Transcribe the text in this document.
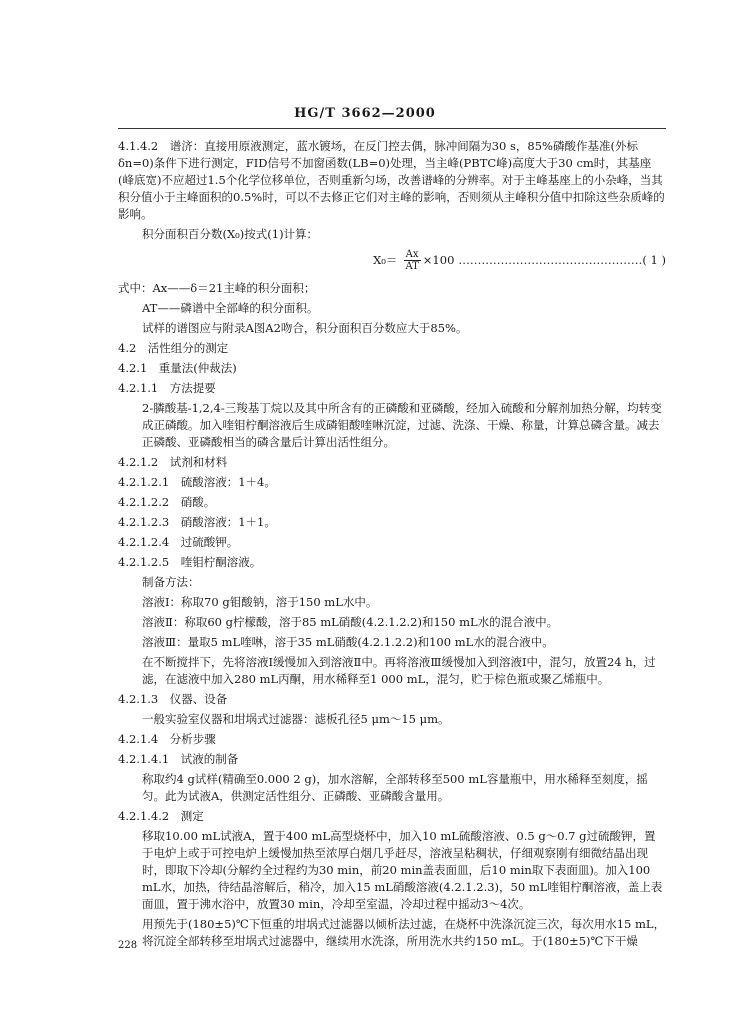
HG/T 3662—2000
4.1.4.2　谱济：直接用原液测定，蓝水镀场，在反门控去偶，脉冲间隔为30 s，85%磷酸作基准(外标δn=0)条件下进行测定，FID信号不加窗函数(LB=0)处理，当主峰(PBTC峰)高度大于30 cm时，其基座(峰底宽)不应超过1.5个化学位移单位，否则重新匀场，改善谱峰的分辨率。对于主峰基座上的小杂峰，当其积分值小于主峰面积的0.5%时，可以不去修正它们对主峰的影响，否则须从主峰积分值中扣除这些杂质峰的影响。
积分面积百分数(X₀)按式(1)计算：
$X_0= \frac{Ax}{AT} \times 100$ ………………………………………… ( 1 )
式中：Ax——δ＝21主峰的积分面积；
AT——磷谱中全部峰的积分面积。
试样的谱图应与附录A图A2吻合，积分面积百分数应大于85%。
4.2　活性组分的测定
4.2.1　重量法(仲裁法)
4.2.1.1　方法提要
2-膦酸基-1,2,4-三羧基丁烷以及其中所含有的正磷酸和亚磷酸，经加入硫酸和分解剂加热分解，均转变成正磷酸。加入喹钼柠酮溶液后生成磷钼酸喹啉沉淀，过滤、洗涤、干燥、称量，计算总磷含量。减去正磷酸、亚磷酸相当的磷含量后计算出活性组分。
4.2.1.2　试剂和材料
4.2.1.2.1　硫酸溶液：1＋4。
4.2.1.2.2　硝酸。
4.2.1.2.3　硝酸溶液：1＋1。
4.2.1.2.4　过硫酸钾。
4.2.1.2.5　喹钼柠酮溶液。
制备方法：
溶液Ⅰ：称取70 g钼酸钠，溶于150 mL水中。
溶液Ⅱ：称取60 g柠檬酸，溶于85 mL硝酸(4.2.1.2.2)和150 mL水的混合液中。
溶液Ⅲ：量取5 mL喹啉，溶于35 mL硝酸(4.2.1.2.2)和100 mL水的混合液中。
在不断搅拌下，先将溶液Ⅰ缓慢加入到溶液Ⅱ中。再将溶液Ⅲ缓慢加入到溶液Ⅰ中，混匀，放置24 h，过滤，在滤液中加入280 mL丙酮，用水稀释至1 000 mL，混匀，贮于棕色瓶或聚乙烯瓶中。
4.2.1.3　仪器、设备
一般实验室仪器和坩埚式过滤器：滤板孔径5 μm～15 μm。
4.2.1.4　分析步骤
4.2.1.4.1　试液的制备
称取约4 g试样(精确至0.000 2 g)，加水溶解，全部转移至500 mL容量瓶中，用水稀释至刻度，摇匀。此为试液A，供测定活性组分、正磷酸、亚磷酸含量用。
4.2.1.4.2　测定
移取10.00 mL试液A，置于400 mL高型烧杯中，加入10 mL硫酸溶液、0.5 g～0.7 g过硫酸钾，置于电炉上或于可控电炉上缓慢加热至浓厚白烟几乎赶尽，溶液呈粘稠状，仔细观察刚有细微结晶出现时，即取下冷却(分解约全过程约为30 min，前20 min盖表面皿，后10 min取下表面皿)。加入100 mL水，加热，待结晶溶解后，稍冷，加入15 mL硝酸溶液(4.2.1.2.3)，50 mL喹钼柠酮溶液，盖上表面皿，置于沸水浴中，放置30 min，冷却至室温，冷却过程中摇动3～4次。
用预先于(180±5)℃下恒重的坩埚式过滤器以倾析法过滤，在烧杯中洗涤沉淀三次，每次用水15 mL，将沉淀全部转移至坩埚式过滤器中，继续用水洗涤，所用洗水共约150 mL。于(180±5)℃下干燥
228
